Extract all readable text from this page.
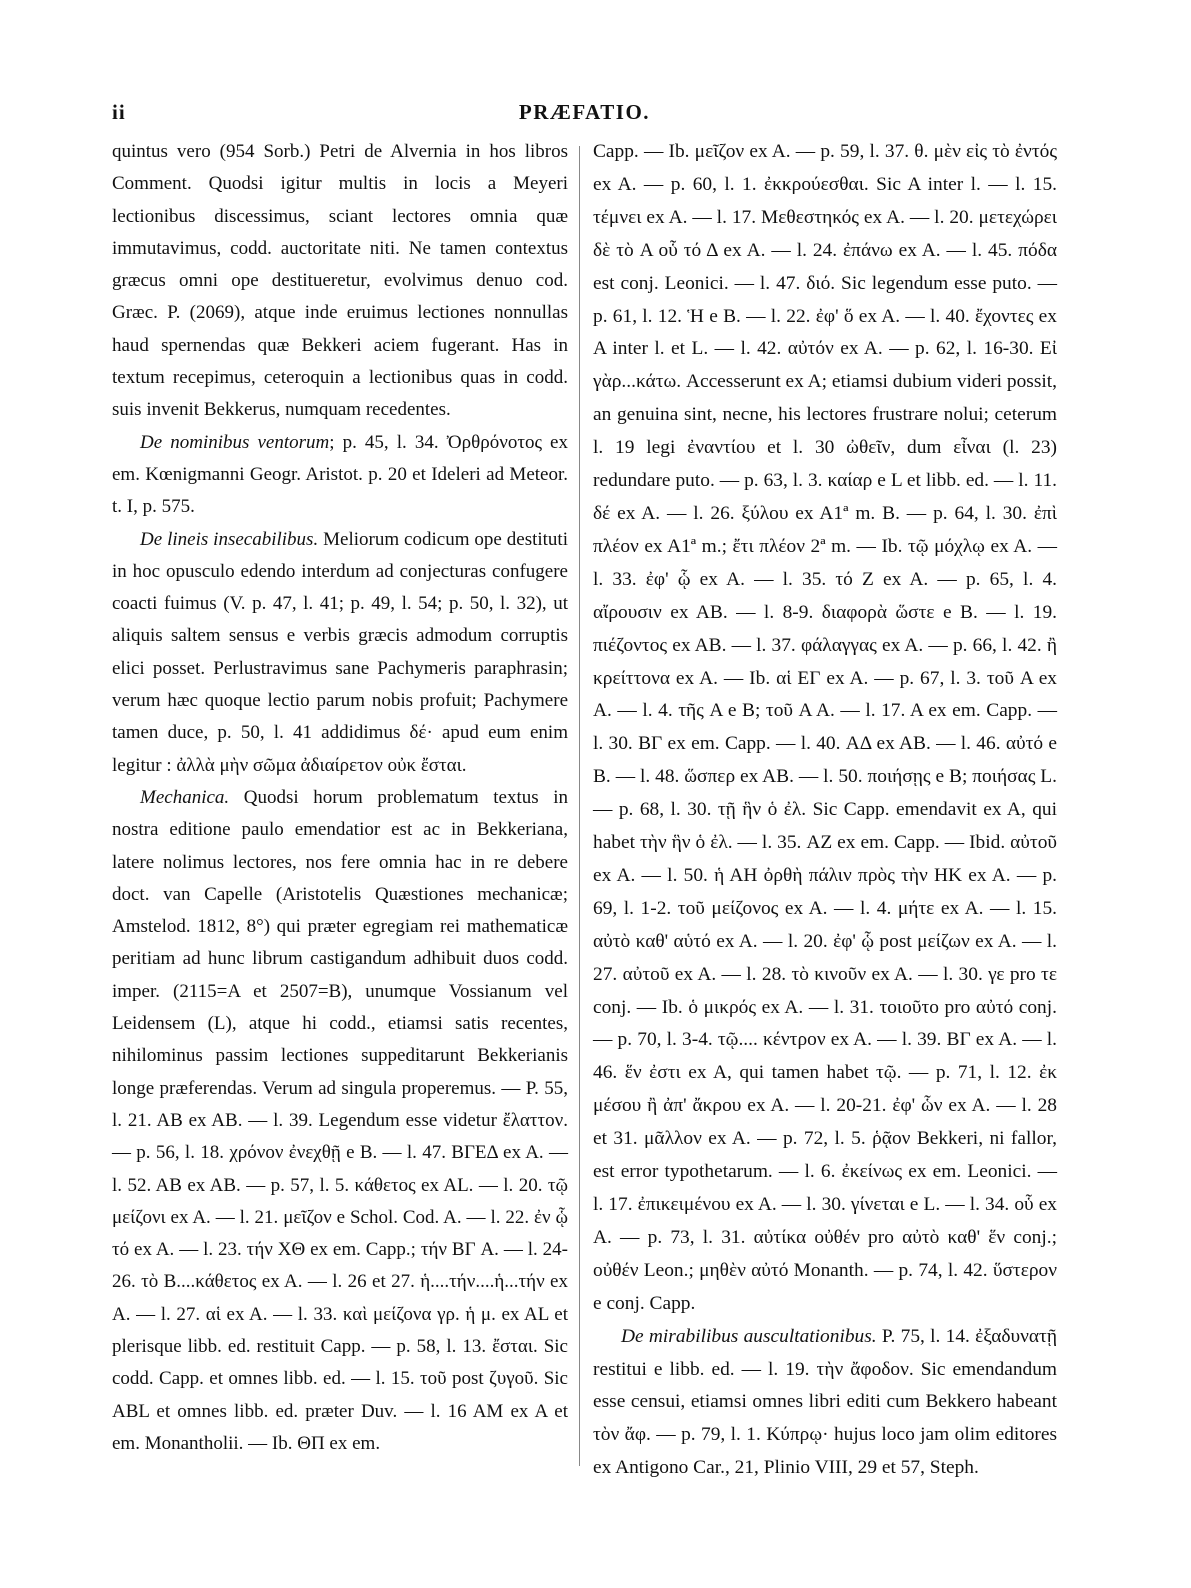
ii	PRÆFATIO.

quintus vero (954 Sorb.) Petri de Alvernia in hos libros Comment. Quodsi igitur multis in locis a Meyeri lectionibus discessimus, sciant lectores omnia quæ immutavimus, codd. auctoritate niti. Ne tamen contextus græcus omni ope destitueretur, evolvimus denuo cod. Græc. P. (2069), atque inde eruimus lectiones nonnullas haud spernendas quæ Bekkeri aciem fugerant. Has in textum recepimus, ceteroquin a lectionibus quas in codd. suis invenit Bekkerus, numquam recedentes.

De nominibus ventorum; p. 45, l. 34. Ὀρθρόνοτος ex em. Kœnigmanni Geogr. Aristot. p. 20 et Ideleri ad Meteor. t. I, p. 575.

De lineis insecabilibus. Meliorum codicum ope destituti in hoc opusculo edendo interdum ad conjecturas confugere coacti fuimus (V. p. 47, l. 41; p. 49, l. 54; p. 50, l. 32), ut aliquis saltem sensus e verbis græcis admodum corruptis elici posset. Perlustravimus sane Pachymeris paraphrasin; verum hæc quoque lectio parum nobis profuit; Pachymere tamen duce, p. 50, l. 41 addidimus δέ· apud eum enim legitur : ἀλλὰ μὴν σῶμα ἀδιαίρετον οὐκ ἔσται.

Mechanica. Quodsi horum problematum textus in nostra editione paulo emendatior est ac in Bekkeriana, latere nolimus lectores, nos fere omnia hac in re debere doct. van Capelle (Aristotelis Quæstiones mechanicæ; Amstelod. 1812, 8°) qui præter egregiam rei mathematicæ peritiam ad hunc librum castigandum adhibuit duos codd. imper. (2115=A et 2507=B), unumque Vossianum vel Leidensem (L), atque hi codd., etiamsi satis recentes, nihilominus passim lectiones suppeditarunt Bekkerianis longe præferendas. Verum ad singula properemus. — P. 55, l. 21. AB ex AB. — l. 39. Legendum esse videtur ἔλαττον. — p. 56, l. 18. χρόνον ἐνεχθῇ e B. — l. 47. ΒΓΕΔ ex A. — l. 52. AB ex AB. — p. 57, l. 5. κάθετος ex AL. — l. 20. τῷ μείζονι ex A. — l. 21. μεῖζον e Schol. Cod. A. — l. 22. ἐν ᾧ τό ex A. — l. 23. τήν ΧΘ ex em. Capp.; τήν ΒΓ A. — l. 24-26. τὸ B....κάθετος ex A. — l. 26 et 27. ἡ....τήν....ἡ...τήν ex A. — l. 27. αἱ ex A. — l. 33. καὶ μείζονα γρ. ἡ μ. ex AL et plerisque libb. ed. restituit Capp. — p. 58, l. 13. ἔσται. Sic codd. Capp. et omnes libb. ed. — l. 15. τοῦ post ζυγοῦ. Sic ABL et omnes libb. ed. præter Duv. — l. 16 AM ex A et em. Monantholii. — Ib. ΘΠ ex em.

Capp. — Ib. μεῖζον ex A. — p. 59, l. 37. θ. μὲν εἰς τὸ ἐντός ex A. — p. 60, l. 1. ἐκκρούεσθαι. Sic A inter l. — l. 15. τέμνει ex A. — l. 17. Μεθεστηκός ex A. — l. 20. μετεχώρει δὲ τὸ A οὗ τό Δ ex A. — l. 24. ἐπάνω ex A. — l. 45. πόδα est conj. Leonici. — l. 47. διό. Sic legendum esse puto. — p. 61, l. 12. Ἡ e B. — l. 22. ἐφ' ὅ ex A. — l. 40. ἔχοντες ex A inter l. et L. — l. 42. αὐτόν ex A. — p. 62, l. 16-30. Εἰ γὰρ...κάτω. Accesserunt ex A; etiamsi dubium videri possit, an genuina sint, necne, his lectores frustrare nolui; ceterum l. 19 legi ἐναντίου et l. 30 ὠθεῖν, dum εἶναι (l. 23) redundare puto. — p. 63, l. 3. καίαρ e L et libb. ed. — l. 11. δέ ex A. — l. 26. ξύλου ex A1ª m. B. — p. 64, l. 30. ἐπὶ πλέον ex A1ª m.; ἔτι πλέον 2ª m. — Ib. τῷ μόχλῳ ex A. — l. 33. ἐφ' ᾧ ex A. — l. 35. τό Z ex A. — p. 65, l. 4. αἴρουσιν ex AB. — l. 8-9. διαφορὰ ὥστε e B. — l. 19. πιέζοντος ex AB. — l. 37. φάλαγγας ex A. — p. 66, l. 42. ἢ κρείττονα ex A. — Ib. αἱ ΕΓ ex A. — p. 67, l. 3. τοῦ A ex A. — l. 4. τῆς A e B; τοῦ A A. — l. 17. A ex em. Capp. — l. 30. ΒΓ ex em. Capp. — l. 40. ΑΔ ex AB. — l. 46. αὐτό e B. — l. 48. ὥσπερ ex AB. — l. 50. ποιήσῃς e B; ποιήσας L. — p. 68, l. 30. τῇ ἣν ὁ ἐλ. Sic Capp. emendavit ex A, qui habet τὴν ἣν ὁ ἐλ. — l. 35. ΑΖ ex em. Capp. — Ibid. αὐτοῦ ex A. — l. 50. ἡ ΑΗ ὀρθὴ πάλιν πρὸς τὴν ΗΚ ex A. — p. 69, l. 1-2. τοῦ μείζονος ex A. — l. 4. μήτε ex A. — l. 15. αὐτὸ καθ' αὑτό ex A. — l. 20. ἐφ' ᾧ post μείζων ex A. — l. 27. αὐτοῦ ex A. — l. 28. τὸ κινοῦν ex A. — l. 30. γε pro τε conj. — Ib. ὁ μικρός ex A. — l. 31. τοιοῦτο pro αὐτό conj. — p. 70, l. 3-4. τῷ.... κέντρον ex A. — l. 39. ΒΓ ex A. — l. 46. ἕν ἐστι ex A, qui tamen habet τῷ. — p. 71, l. 12. ἐκ μέσου ἢ ἀπ' ἄκρου ex A. — l. 20-21. ἐφ' ὧν ex A. — l. 28 et 31. μᾶλλον ex A. — p. 72, l. 5. ῥᾷον Bekkeri, ni fallor, est error typothetarum. — l. 6. ἐκείνως ex em. Leonici. — l. 17. ἐπικειμένου ex A. — l. 30. γίνεται e L. — l. 34. οὗ ex A. — p. 73, l. 31. αὐτίκα οὐθέν pro αὐτὸ καθ' ἕν conj.; οὐθέν Leon.; μηθὲν αὐτό Monanth. — p. 74, l. 42. ὕστερον e conj. Capp.

De mirabilibus auscultationibus. P. 75, l. 14. ἐξαδυνατῇ restitui e libb. ed. — l. 19. τὴν ἄφοδον. Sic emendandum esse censui, etiamsi omnes libri editi cum Bekkero habeant τὸν ἄφ. — p. 79, l. 1. Κύπρῳ· hujus loco jam olim editores ex Antigono Car., 21, Plinio VIII, 29 et 57, Steph.
